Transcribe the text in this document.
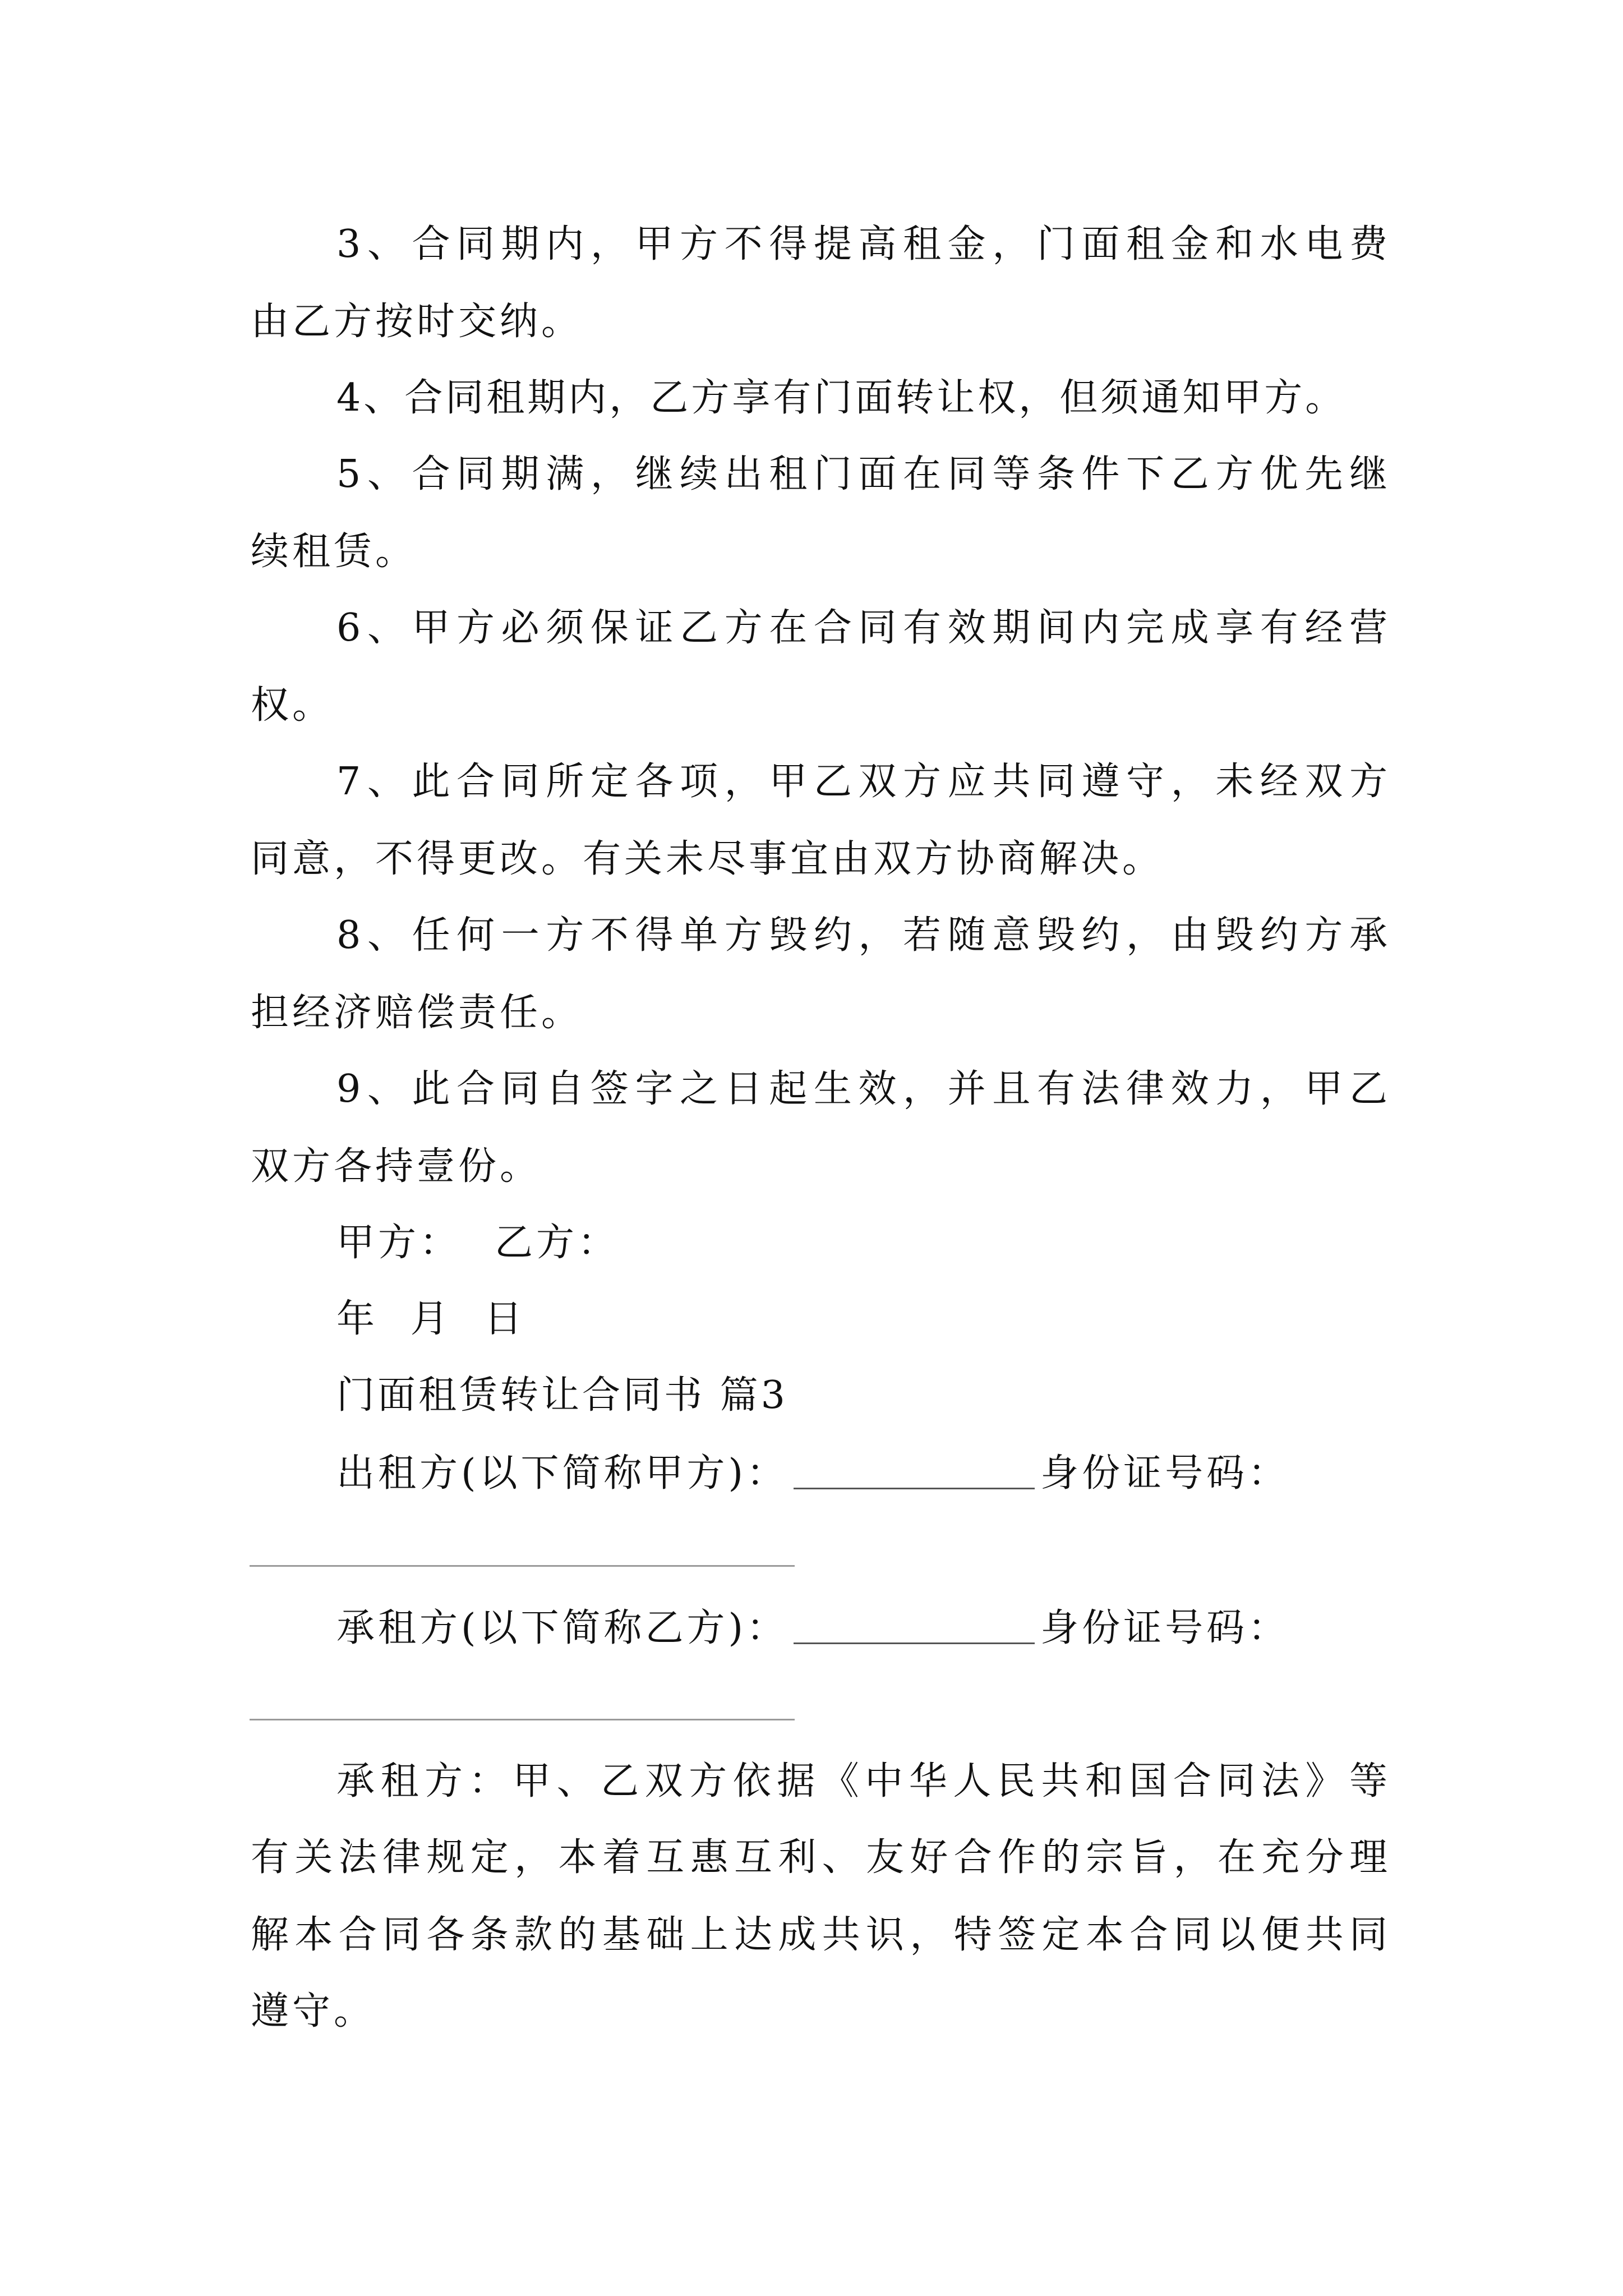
3、合同期内，甲方不得提高租金，门面租金和水电费
由乙方按时交纳。
4、合同租期内，乙方享有门面转让权，但须通知甲方。
5、合同期满，继续出租门面在同等条件下乙方优先继
续租赁。
6、甲方必须保证乙方在合同有效期间内完成享有经营
权。
7、此合同所定各项，甲乙双方应共同遵守，未经双方
同意，不得更改。有关未尽事宜由双方协商解决。
8、任何一方不得单方毁约，若随意毁约，由毁约方承
担经济赔偿责任。
9、此合同自签字之日起生效，并且有法律效力，甲乙
双方各持壹份。
甲方： 乙方：
年 月 日
门面租赁转让合同书 篇3
出租方(以下简称甲方)：	身份证号码：
承租方(以下简称乙方)：	身份证号码：
承租方：甲、乙双方依据《中华人民共和国合同法》等
有关法律规定，本着互惠互利、友好合作的宗旨，在充分理
解本合同各条款的基础上达成共识，特签定本合同以便共同
遵守。
